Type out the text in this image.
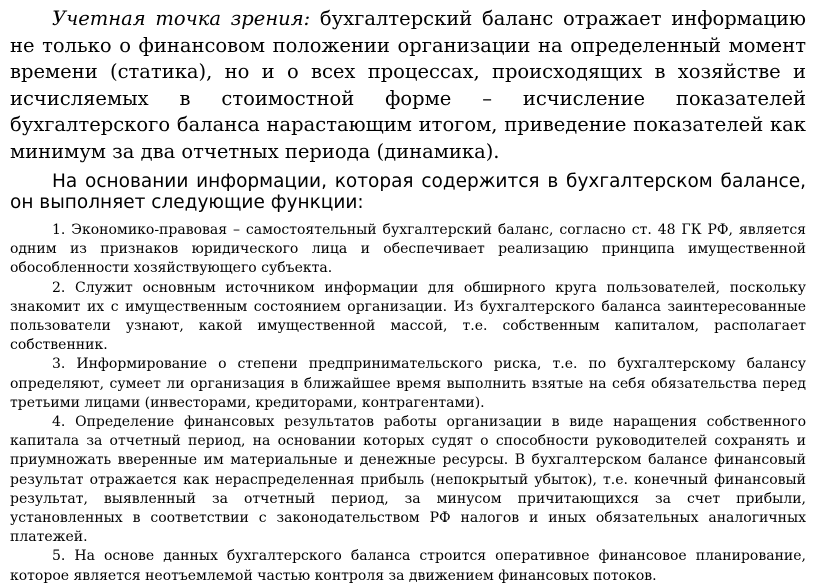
Учетная точка зрения: бухгалтерский баланс отражает информацию не только о финансовом положении организации на определенный момент времени (статика), но и о всех процессах, происходящих в хозяйстве и исчисляемых в стоимостной форме – исчисление показателей бухгалтерского баланса нарастающим итогом, приведение показателей как минимум за два отчетных периода (динамика).

На основании информации, которая содержится в бухгалтерском балансе, он выполняет следующие функции:

1. Экономико-правовая – самостоятельный бухгалтерский баланс, согласно ст. 48 ГК РФ, является одним из признаков юридического лица и обеспечивает реализацию принципа имущественной обособленности хозяйствующего субъекта.

2. Служит основным источником информации для обширного круга пользователей, поскольку знакомит их с имущественным состоянием организации. Из бухгалтерского баланса заинтересованные пользователи узнают, какой имущественной массой, т.е. собственным капиталом, располагает собственник.

3. Информирование о степени предпринимательского риска, т.е. по бухгалтерскому балансу определяют, сумеет ли организация в ближайшее время выполнить взятые на себя обязательства перед третьими лицами (инвесторами, кредиторами, контрагентами).

4. Определение финансовых результатов работы организации в виде наращения собственного капитала за отчетный период, на основании которых судят о способности руководителей сохранять и приумножать вверенные им материальные и денежные ресурсы. В бухгалтерском балансе финансовый результат отражается как нераспределенная прибыль (непокрытый убыток), т.е. конечный финансовый результат, выявленный за отчетный период, за минусом причитающихся за счет прибыли, установленных в соответствии с законодательством РФ налогов и иных обязательных аналогичных платежей.

5. На основе данных бухгалтерского баланса строится оперативное финансовое планирование, которое является неотъемлемой частью контроля за движением финансовых потоков.
